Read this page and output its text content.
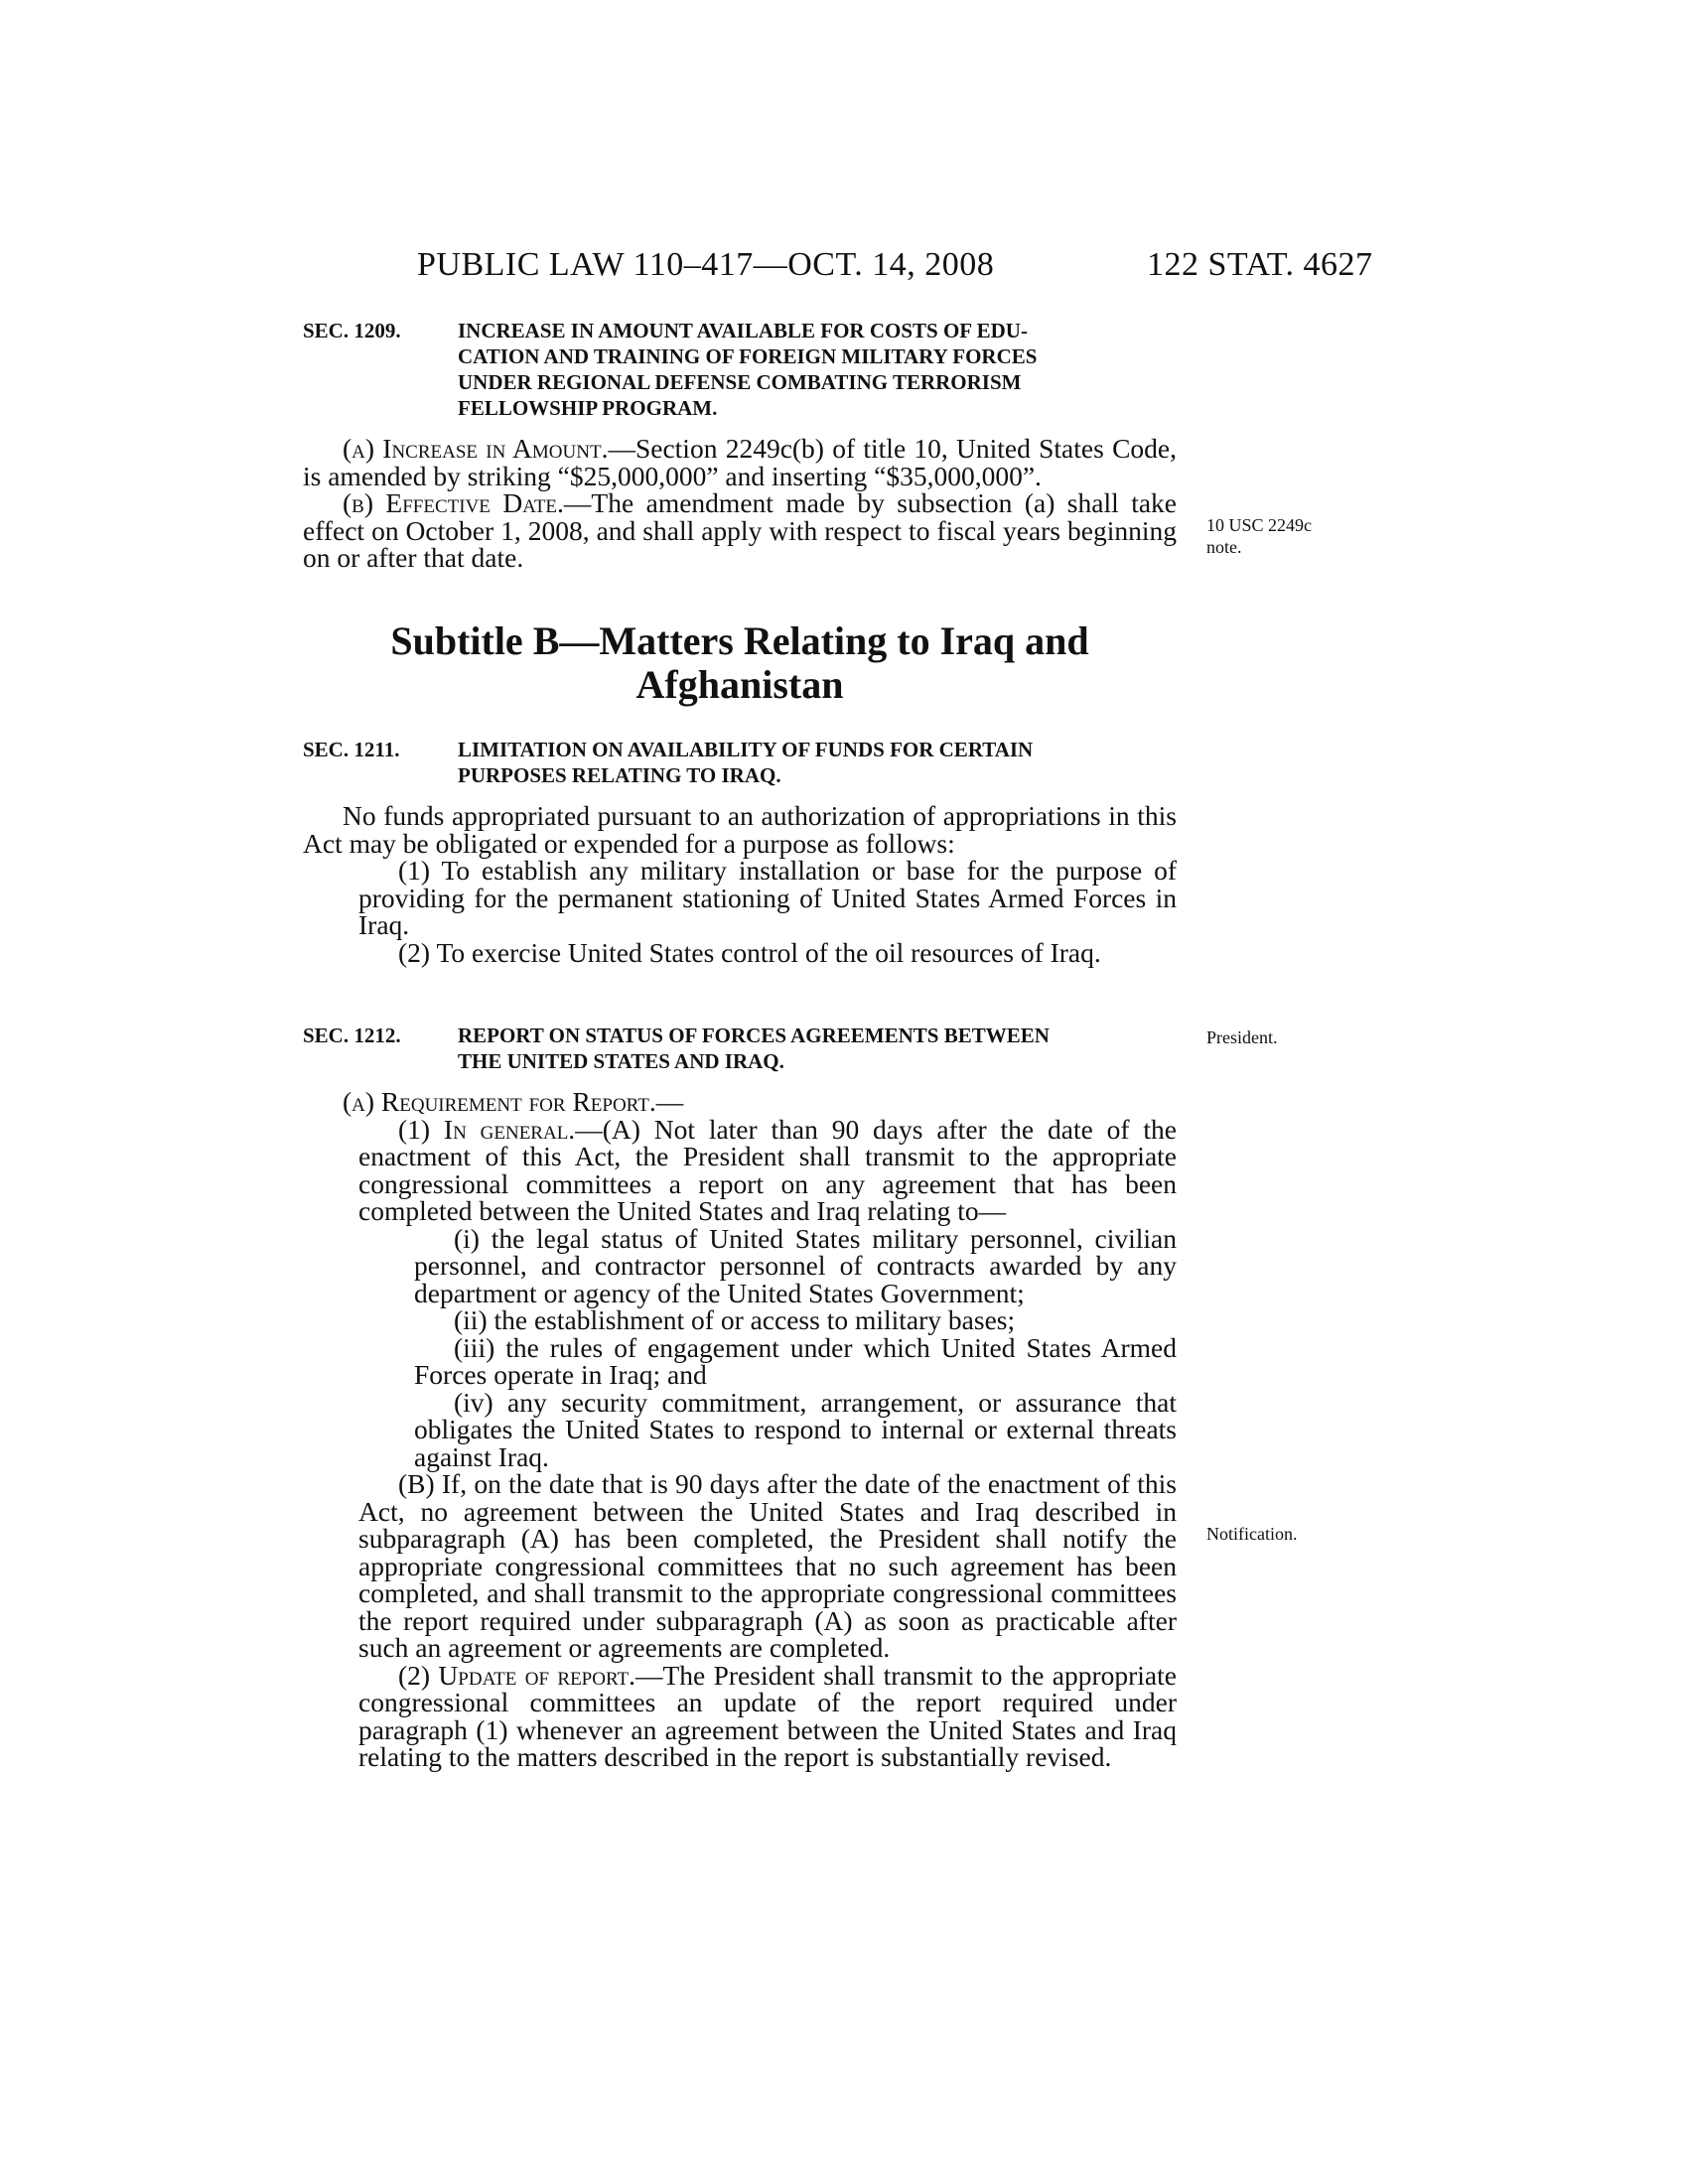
PUBLIC LAW 110–417—OCT. 14, 2008	122 STAT. 4627
SEC. 1209.	INCREASE IN AMOUNT AVAILABLE FOR COSTS OF EDU-
CATION AND TRAINING OF FOREIGN MILITARY FORCES
UNDER REGIONAL DEFENSE COMBATING TERRORISM
FELLOWSHIP PROGRAM.

(a) Increase in Amount.—Section 2249c(b) of title 10, United States Code, is amended by striking “$25,000,000” and inserting “$35,000,000”.

(b) Effective Date.—The amendment made by subsection (a) shall take effect on October 1, 2008, and shall apply with respect to fiscal years beginning on or after that date.

Subtitle B—Matters Relating to Iraq and
Afghanistan

SEC. 1211.	LIMITATION ON AVAILABILITY OF FUNDS FOR CERTAIN
PURPOSES RELATING TO IRAQ.

No funds appropriated pursuant to an authorization of appropriations in this Act may be obligated or expended for a purpose as follows:

(1) To establish any military installation or base for the purpose of providing for the permanent stationing of United States Armed Forces in Iraq.

(2) To exercise United States control of the oil resources of Iraq.

SEC. 1212.	REPORT ON STATUS OF FORCES AGREEMENTS BETWEEN
THE UNITED STATES AND IRAQ.

(a) Requirement for Report.—

(1) In general.—(A) Not later than 90 days after the date of the enactment of this Act, the President shall transmit to the appropriate congressional committees a report on any agreement that has been completed between the United States and Iraq relating to—

(i) the legal status of United States military personnel, civilian personnel, and contractor personnel of contracts awarded by any department or agency of the United States Government;

(ii) the establishment of or access to military bases;

(iii) the rules of engagement under which United States Armed Forces operate in Iraq; and

(iv) any security commitment, arrangement, or assurance that obligates the United States to respond to internal or external threats against Iraq.

(B) If, on the date that is 90 days after the date of the enactment of this Act, no agreement between the United States and Iraq described in subparagraph (A) has been completed, the President shall notify the appropriate congressional committees that no such agreement has been completed, and shall transmit to the appropriate congressional committees the report required under subparagraph (A) as soon as practicable after such an agreement or agreements are completed.

(2) Update of report.—The President shall transmit to the appropriate congressional committees an update of the report required under paragraph (1) whenever an agreement between the United States and Iraq relating to the matters described in the report is substantially revised.

10 USC 2249c
note.
President.
Notification.
